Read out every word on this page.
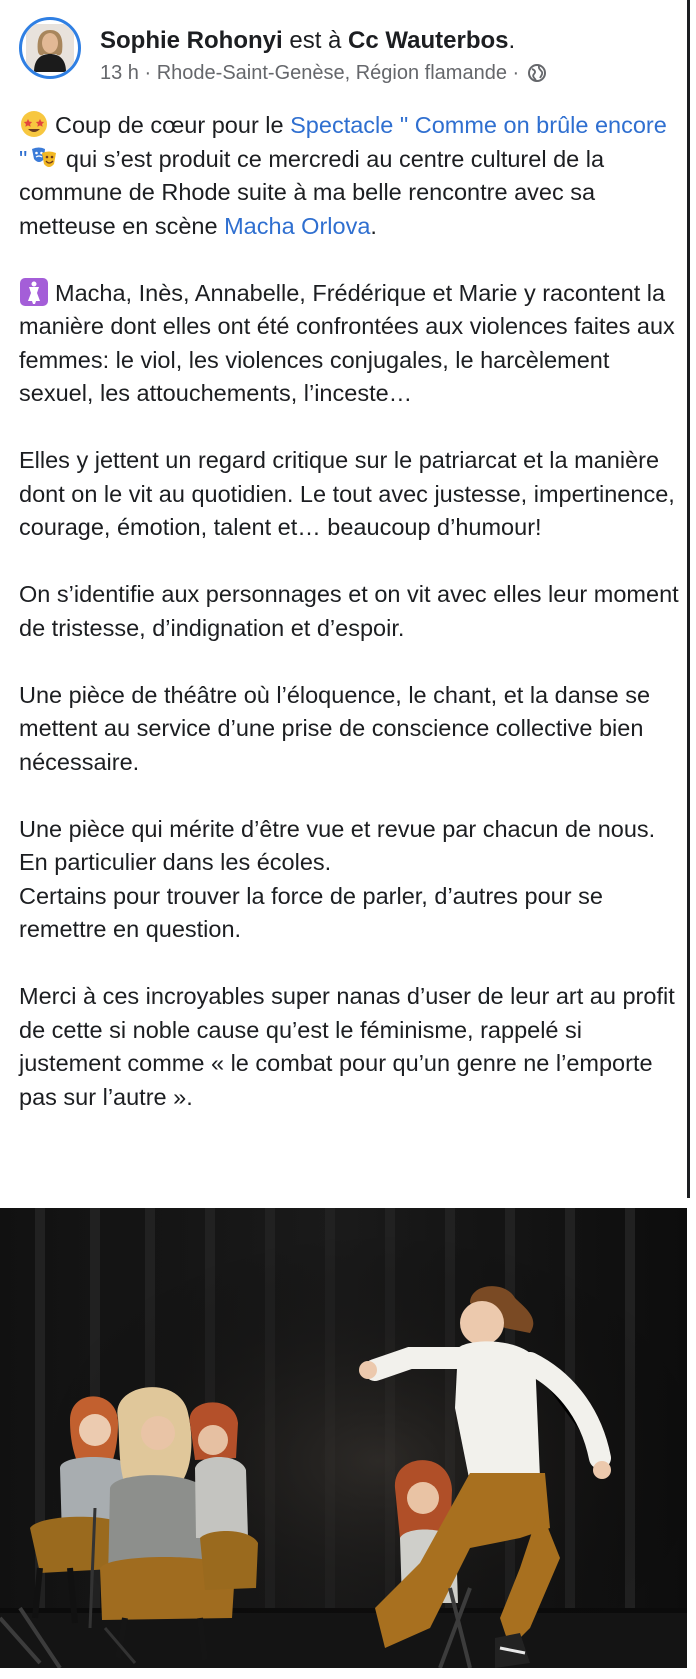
Sophie Rohonyi est à Cc Wauterbos.
13 h · Rhode-Saint-Genèse, Région flamande ·

Coup de cœur pour le Spectacle " Comme on brûle encore " qui s’est produit ce mercredi au centre culturel de la commune de Rhode suite à ma belle rencontre avec sa metteuse en scène Macha Orlova.

Macha, Inès, Annabelle, Frédérique et Marie y racontent la manière dont elles ont été confrontées aux violences faites aux femmes: le viol, les violences conjugales, le harcèlement sexuel, les attouchements, l’inceste…

Elles y jettent un regard critique sur le patriarcat et la manière dont on le vit au quotidien. Le tout avec justesse, impertinence, courage, émotion, talent et… beaucoup d’humour!

On s’identifie aux personnages et on vit avec elles leur moment de tristesse, d’indignation et d’espoir.

Une pièce de théâtre où l’éloquence, le chant, et la danse se mettent au service d’une prise de conscience collective bien nécessaire.

Une pièce qui mérite d’être vue et revue par chacun de nous. En particulier dans les écoles.
Certains pour trouver la force de parler, d’autres pour se remettre en question.

Merci à ces incroyables super nanas d’user de leur art au profit de cette si noble cause qu’est le féminisme, rappelé si justement comme « le combat pour qu’un genre ne l’emporte pas sur l’autre ».
